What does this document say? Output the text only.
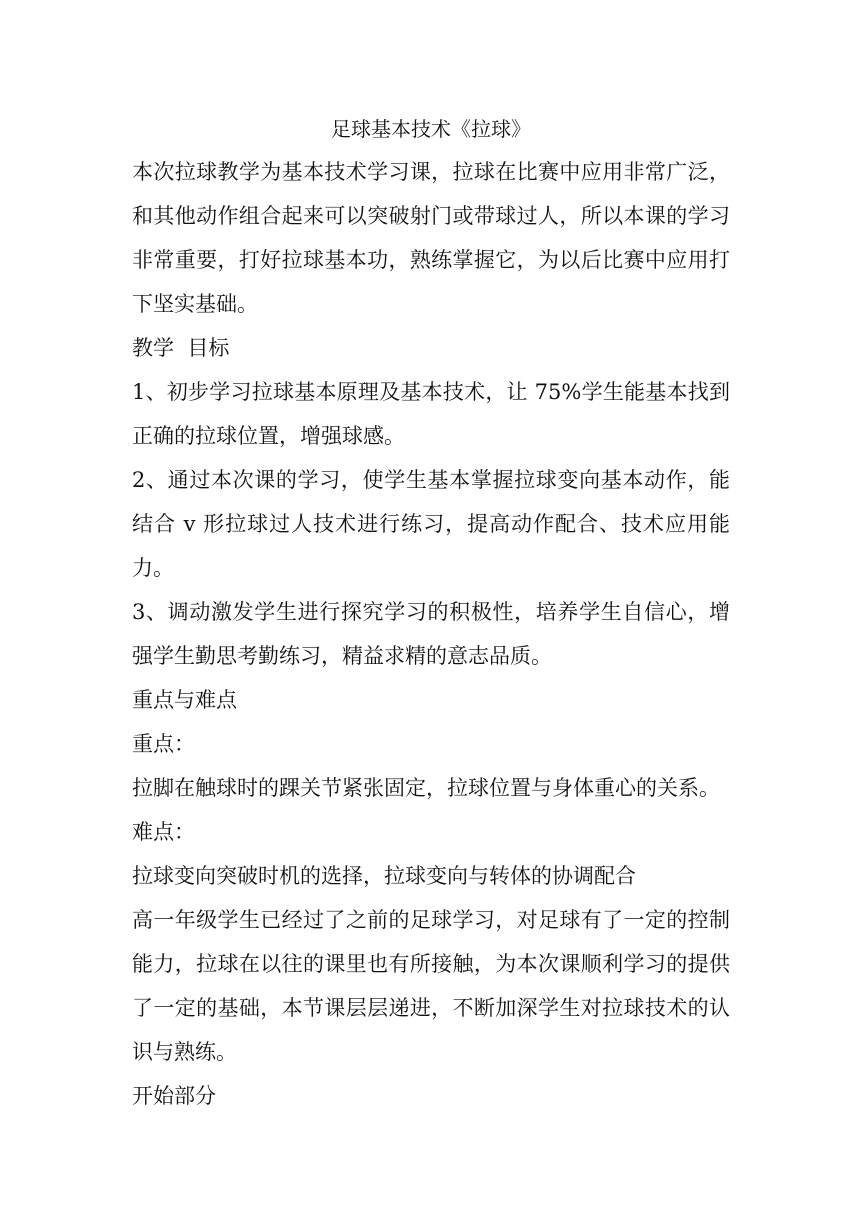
足球基本技术《拉球》

本次拉球教学为基本技术学习课，拉球在比赛中应用非常广泛，和其他动作组合起来可以突破射门或带球过人，所以本课的学习非常重要，打好拉球基本功，熟练掌握它，为以后比赛中应用打下坚实基础。

教学  目标

1、初步学习拉球基本原理及基本技术，让 75%学生能基本找到正确的拉球位置，增强球感。

2、通过本次课的学习，使学生基本掌握拉球变向基本动作，能结合 v 形拉球过人技术进行练习，提高动作配合、技术应用能力。

3、调动激发学生进行探究学习的积极性，培养学生自信心，增强学生勤思考勤练习，精益求精的意志品质。

重点与难点

重点：

拉脚在触球时的踝关节紧张固定，拉球位置与身体重心的关系。

难点：

拉球变向突破时机的选择，拉球变向与转体的协调配合

高一年级学生已经过了之前的足球学习，对足球有了一定的控制能力，拉球在以往的课里也有所接触，为本次课顺利学习的提供了一定的基础，本节课层层递进，不断加深学生对拉球技术的认识与熟练。

开始部分
